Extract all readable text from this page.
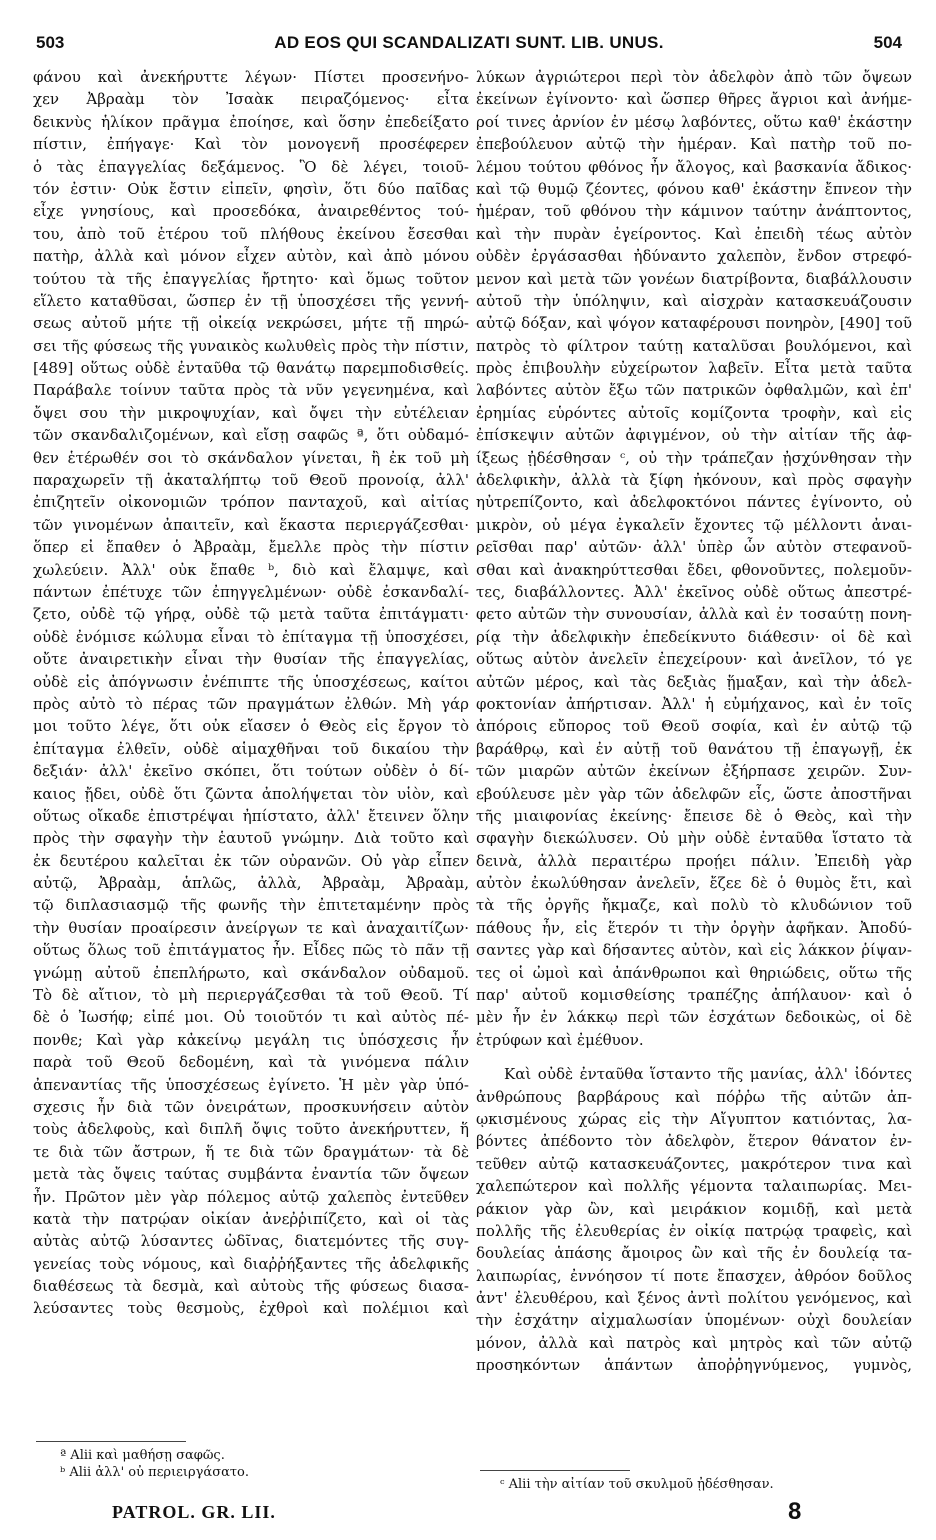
503	AD EOS QUI SCANDALIZATI SUNT. LIB. UNUS.	504
φάνου καὶ ἀνεκήρυττε λέγων· Πίστει προσενήνο-
χεν Ἀβραὰμ τὸν Ἰσαὰκ πειραζόμενος· εἶτα
δεικνὺς ἡλίκον πρᾶγμα ἐποίησε, καὶ ὅσην ἐπεδείξατο
πίστιν, ἐπήγαγε· Καὶ τὸν μονογενῆ προσέφερεν
ὁ τὰς ἐπαγγελίας δεξάμενος. Ὃ δὲ λέγει, τοιοῦ-
τόν ἐστιν· Οὐκ ἔστιν εἰπεῖν, φησὶν, ὅτι δύο παῖδας
εἶχε γνησίους, καὶ προσεδόκα, ἀναιρεθέντος τού-
του, ἀπὸ τοῦ ἑτέρου τοῦ πλήθους ἐκείνου ἔσεσθαι
πατὴρ, ἀλλὰ καὶ μόνον εἶχεν αὐτὸν, καὶ ἀπὸ μόνου
τούτου τὰ τῆς ἐπαγγελίας ἤρτητο· καὶ ὅμως τοῦτον
εἵλετο καταθῦσαι, ὥσπερ ἐν τῇ ὑποσχέσει τῆς γεννή-
σεως αὐτοῦ μήτε τῇ οἰκείᾳ νεκρώσει, μήτε τῇ πηρώ-
σει τῆς φύσεως τῆς γυναικὸς κωλυθεὶς πρὸς τὴν πίστιν,
[489] οὕτως οὐδὲ ἐνταῦθα τῷ θανάτῳ παρεμποδισθείς.
Παράβαλε τοίνυν ταῦτα πρὸς τὰ νῦν γεγενημένα, καὶ
ὄψει σου τὴν μικροψυχίαν, καὶ ὄψει τὴν εὐτέλειαν
τῶν σκανδαλιζομένων, καὶ εἴσῃ σαφῶς ª, ὅτι οὐδαμό-
θεν ἑτέρωθέν σοι τὸ σκάνδαλον γίνεται, ἢ ἐκ τοῦ μὴ
παραχωρεῖν τῇ ἀκαταλήπτῳ τοῦ Θεοῦ προνοίᾳ, ἀλλ'
ἐπιζητεῖν οἰκονομιῶν τρόπον πανταχοῦ, καὶ αἰτίας
τῶν γινομένων ἀπαιτεῖν, καὶ ἕκαστα περιεργάζεσθαι·
ὅπερ εἰ ἔπαθεν ὁ Ἀβραὰμ, ἔμελλε πρὸς τὴν πίστιν
χωλεύειν. Ἀλλ' οὐκ ἔπαθε ᵇ, διὸ καὶ ἔλαμψε, καὶ
πάντων ἐπέτυχε τῶν ἐπηγγελμένων· οὐδὲ ἐσκανδαλί-
ζετο, οὐδὲ τῷ γήρᾳ, οὐδὲ τῷ μετὰ ταῦτα ἐπιτάγματι·
οὐδὲ ἐνόμισε κώλυμα εἶναι τὸ ἐπίταγμα τῇ ὑποσχέσει,
οὔτε ἀναιρετικὴν εἶναι τὴν θυσίαν τῆς ἐπαγγελίας,
οὐδὲ εἰς ἀπόγνωσιν ἐνέπιπτε τῆς ὑποσχέσεως, καίτοι
πρὸς αὐτὸ τὸ πέρας τῶν πραγμάτων ἐλθών. Μὴ γάρ
μοι τοῦτο λέγε, ὅτι οὐκ εἴασεν ὁ Θεὸς εἰς ἔργον τὸ
ἐπίταγμα ἐλθεῖν, οὐδὲ αἱμαχθῆναι τοῦ δικαίου τὴν
δεξιάν· ἀλλ' ἐκεῖνο σκόπει, ὅτι τούτων οὐδὲν ὁ δί-
καιος ᾔδει, οὐδὲ ὅτι ζῶντα ἀπολήψεται τὸν υἱὸν, καὶ
οὕτως οἴκαδε ἐπιστρέψαι ἠπίστατο, ἀλλ' ἔτεινεν ὅλην
πρὸς τὴν σφαγὴν τὴν ἑαυτοῦ γνώμην. Διὰ τοῦτο καὶ
ἐκ δευτέρου καλεῖται ἐκ τῶν οὐρανῶν. Οὐ γὰρ εἶπεν
αὐτῷ, Ἀβραὰμ, ἁπλῶς, ἀλλὰ, Ἀβραὰμ, Ἀβραὰμ,
τῷ διπλασιασμῷ τῆς φωνῆς τὴν ἐπιτεταμένην πρὸς
τὴν θυσίαν προαίρεσιν ἀνείργων τε καὶ ἀναχαιτίζων·
οὕτως ὅλως τοῦ ἐπιτάγματος ἦν. Εἶδες πῶς τὸ πᾶν τῇ
γνώμῃ αὐτοῦ ἐπεπλήρωτο, καὶ σκάνδαλον οὐδαμοῦ.
Τὸ δὲ αἴτιον, τὸ μὴ περιεργάζεσθαι τὰ τοῦ Θεοῦ. Τί
δὲ ὁ Ἰωσήφ; εἰπέ μοι. Οὐ τοιοῦτόν τι καὶ αὐτὸς πέ-
πονθε; Καὶ γὰρ κἀκείνῳ μεγάλη τις ὑπόσχεσις ἦν
παρὰ τοῦ Θεοῦ δεδομένη, καὶ τὰ γινόμενα πάλιν
ἀπεναντίας τῆς ὑποσχέσεως ἐγίνετο. Ἡ μὲν γὰρ ὑπό-
σχεσις ἦν διὰ τῶν ὀνειράτων, προσκυνήσειν αὐτὸν
τοὺς ἀδελφοὺς, καὶ διπλῆ ὄψις τοῦτο ἀνεκήρυττεν, ἥ
τε διὰ τῶν ἄστρων, ἥ τε διὰ τῶν δραγμάτων· τὰ δὲ
μετὰ τὰς ὄψεις ταύτας συμβάντα ἐναντία τῶν ὄψεων
ἦν. Πρῶτον μὲν γὰρ πόλεμος αὐτῷ χαλεπὸς ἐντεῦθεν
κατὰ τὴν πατρῴαν οἰκίαν ἀνεῤῥιπίζετο, καὶ οἱ τὰς
αὐτὰς αὐτῷ λύσαντες ὠδῖνας, διατεμόντες τῆς συγ-
γενείας τοὺς νόμους, καὶ διαῤῥήξαντες τῆς ἀδελφικῆς
διαθέσεως τὰ δεσμὰ, καὶ αὐτοὺς τῆς φύσεως διασα-
λεύσαντες τοὺς θεσμοὺς, ἐχθροὶ καὶ πολέμιοι καὶ
λύκων ἀγριώτεροι περὶ τὸν ἀδελφὸν ἀπὸ τῶν ὄψεων
ἐκείνων ἐγίνοντο· καὶ ὥσπερ θῆρες ἄγριοι καὶ ἀνήμε-
ροί τινες ἀρνίον ἐν μέσῳ λαβόντες, οὕτω καθ' ἑκάστην
ἐπεβούλευον αὐτῷ τὴν ἡμέραν. Καὶ πατὴρ τοῦ πο-
λέμου τούτου φθόνος ἦν ἄλογος, καὶ βασκανία ἄδικος·
καὶ τῷ θυμῷ ζέοντες, φόνου καθ' ἑκάστην ἔπνεον τὴν
ἡμέραν, τοῦ φθόνου τὴν κάμινον ταύτην ἀνάπτοντος,
καὶ τὴν πυρὰν ἐγείροντος. Καὶ ἐπειδὴ τέως αὐτὸν
οὐδὲν ἐργάσασθαι ἠδύναντο χαλεπὸν, ἔνδον στρεφό-
μενον καὶ μετὰ τῶν γονέων διατρίβοντα, διαβάλλουσιν
αὐτοῦ τὴν ὑπόληψιν, καὶ αἰσχρὰν κατασκευάζουσιν
αὐτῷ δόξαν, καὶ ψόγον καταφέρουσι πονηρὸν, [490] τοῦ
πατρὸς τὸ φίλτρον ταύτῃ καταλῦσαι βουλόμενοι, καὶ
πρὸς ἐπιβουλὴν εὐχείρωτον λαβεῖν. Εἶτα μετὰ ταῦτα
λαβόντες αὐτὸν ἔξω τῶν πατρικῶν ὀφθαλμῶν, καὶ ἐπ'
ἐρημίας εὑρόντες αὐτοῖς κομίζοντα τροφὴν, καὶ εἰς
ἐπίσκεψιν αὐτῶν ἀφιγμένον, οὐ τὴν αἰτίαν τῆς ἀφ-
ίξεως ᾐδέσθησαν ᶜ, οὐ τὴν τράπεζαν ᾐσχύνθησαν τὴν
ἀδελφικὴν, ἀλλὰ τὰ ξίφη ἠκόνουν, καὶ πρὸς σφαγὴν
ηὐτρεπίζοντο, καὶ ἀδελφοκτόνοι πάντες ἐγίνοντο, οὐ
μικρὸν, οὐ μέγα ἐγκαλεῖν ἔχοντες τῷ μέλλοντι ἀναι-
ρεῖσθαι παρ' αὐτῶν· ἀλλ' ὑπὲρ ὧν αὐτὸν στεφανοῦ-
σθαι καὶ ἀνακηρύττεσθαι ἔδει, φθονοῦντες, πολεμοῦν-
τες, διαβάλλοντες. Ἀλλ' ἐκεῖνος οὐδὲ οὕτως ἀπεστρέ-
φετο αὐτῶν τὴν συνουσίαν, ἀλλὰ καὶ ἐν τοσαύτῃ πονη-
ρίᾳ τὴν ἀδελφικὴν ἐπεδείκνυτο διάθεσιν· οἱ δὲ καὶ
οὕτως αὐτὸν ἀνελεῖν ἐπεχείρουν· καὶ ἀνεῖλον, τό γε
αὐτῶν μέρος, καὶ τὰς δεξιὰς ᾕμαξαν, καὶ τὴν ἀδελ-
φοκτονίαν ἀπήρτισαν. Ἀλλ' ἡ εὐμήχανος, καὶ ἐν τοῖς
ἀπόροις εὔπορος τοῦ Θεοῦ σοφία, καὶ ἐν αὐτῷ τῷ
βαράθρῳ, καὶ ἐν αὐτῇ τοῦ θανάτου τῇ ἐπαγωγῇ, ἐκ
τῶν μιαρῶν αὐτῶν ἐκείνων ἐξήρπασε χειρῶν. Συν-
εβούλευσε μὲν γὰρ τῶν ἀδελφῶν εἷς, ὥστε ἀποστῆναι
τῆς μιαιφονίας ἐκείνης· ἔπεισε δὲ ὁ Θεὸς, καὶ τὴν
σφαγὴν διεκώλυσεν. Οὐ μὴν οὐδὲ ἐνταῦθα ἵστατο τὰ
δεινὰ, ἀλλὰ περαιτέρω προῄει πάλιν. Ἐπειδὴ γὰρ
αὐτὸν ἐκωλύθησαν ἀνελεῖν, ἔζεε δὲ ὁ θυμὸς ἔτι, καὶ
τὰ τῆς ὀργῆς ἤκμαζε, καὶ πολὺ τὸ κλυδώνιον τοῦ
πάθους ἦν, εἰς ἕτερόν τι τὴν ὀργὴν ἀφῆκαν. Ἀποδύ-
σαντες γὰρ καὶ δήσαντες αὐτὸν, καὶ εἰς λάκκον ῥίψαν-
τες οἱ ὠμοὶ καὶ ἀπάνθρωποι καὶ θηριώδεις, οὕτω τῆς
παρ' αὐτοῦ κομισθείσης τραπέζης ἀπήλαυον· καὶ ὁ
μὲν ἦν ἐν λάκκῳ περὶ τῶν ἐσχάτων δεδοικὼς, οἱ δὲ
ἐτρύφων καὶ ἐμέθυον.
Καὶ οὐδὲ ἐνταῦθα ἵσταντο τῆς μανίας, ἀλλ' ἰδόντες
ἀνθρώπους βαρβάρους καὶ πόῤῥω τῆς αὐτῶν ἀπ-
ῳκισμένους χώρας εἰς τὴν Αἴγυπτον κατιόντας, λα-
βόντες ἀπέδοντο τὸν ἀδελφὸν, ἕτερον θάνατον ἐν-
τεῦθεν αὐτῷ κατασκευάζοντες, μακρότερον τινα καὶ
χαλεπώτερον καὶ πολλῆς γέμοντα ταλαιπωρίας. Μει-
ράκιον γὰρ ὢν, καὶ μειράκιον κομιδῇ, καὶ μετὰ
πολλῆς τῆς ἐλευθερίας ἐν οἰκίᾳ πατρῴᾳ τραφεὶς, καὶ
δουλείας ἁπάσης ἄμοιρος ὢν καὶ τῆς ἐν δουλείᾳ τα-
λαιπωρίας, ἐννόησον τί ποτε ἔπασχεν, ἀθρόον δοῦλος
ἀντ' ἐλευθέρου, καὶ ξένος ἀντὶ πολίτου γενόμενος, καὶ
τὴν ἐσχάτην αἰχμαλωσίαν ὑπομένων· οὐχὶ δουλείαν
μόνον, ἀλλὰ καὶ πατρὸς καὶ μητρὸς καὶ τῶν αὐτῷ
προσηκόντων ἁπάντων ἀποῤῥηγνύμενος, γυμνὸς,
ª Alii καὶ μαθήσῃ σαφῶς.
ᵇ Alii ἀλλ' οὐ περιειργάσατο.
ᶜ Alii τὴν αἰτίαν τοῦ σκυλμοῦ ᾐδέσθησαν.
PATROL. GR. LII.	8
